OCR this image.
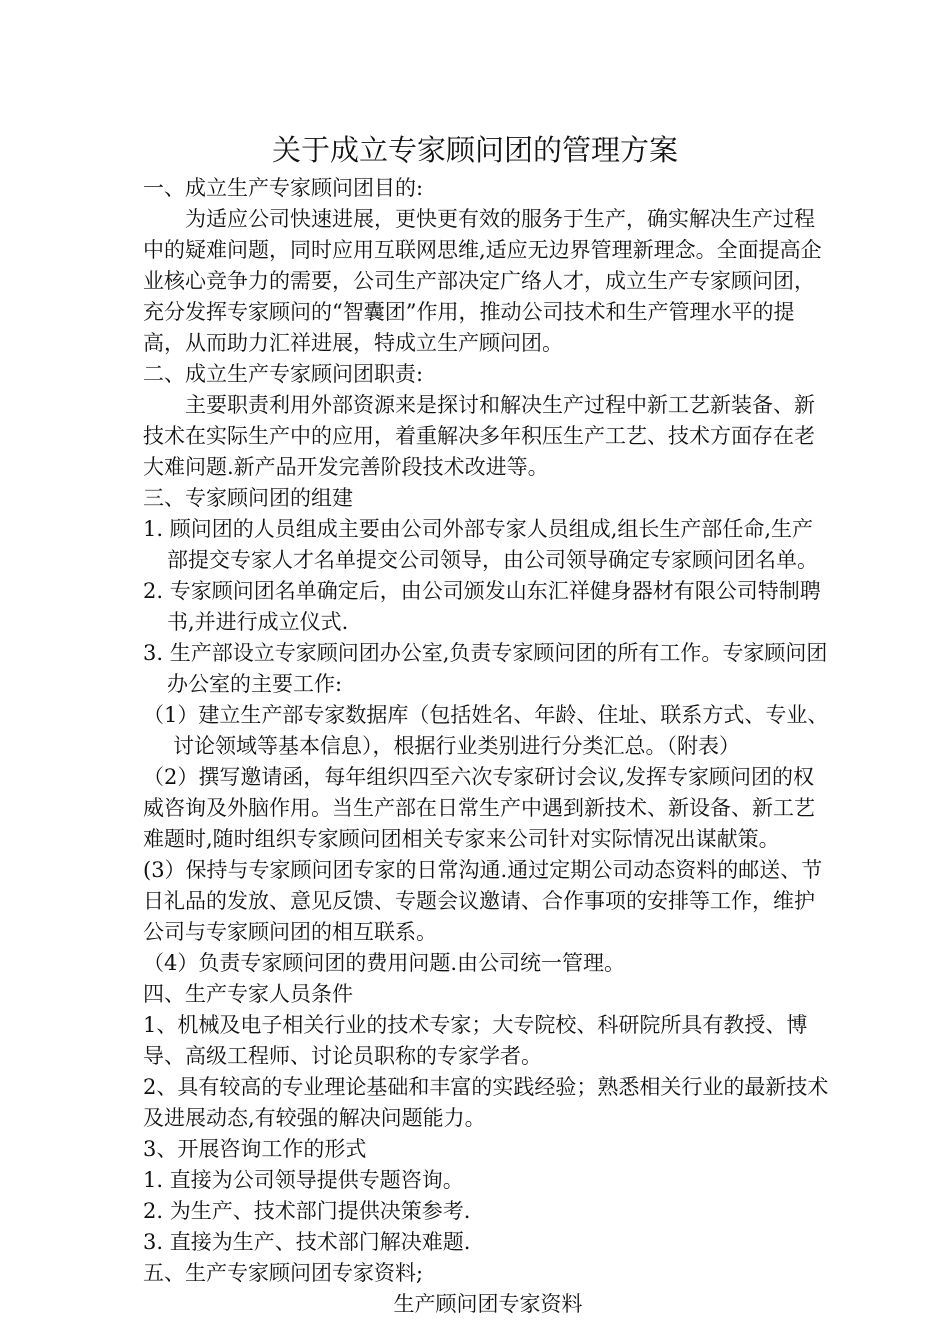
关于成立专家顾问团的管理方案

一、成立生产专家顾问团目的:

为适应公司快速进展，更快更有效的服务于生产，确实解决生产过程中的疑难问题，同时应用互联网思维,适应无边界管理新理念。全面提高企业核心竞争力的需要，公司生产部决定广络人才，成立生产专家顾问团，充分发挥专家顾问的“智囊团”作用，推动公司技术和生产管理水平的提高，从而助力汇祥进展，特成立生产顾问团。

二、成立生产专家顾问团职责:

主要职责利用外部资源来是探讨和解决生产过程中新工艺新装备、新技术在实际生产中的应用，着重解决多年积压生产工艺、技术方面存在老大难问题.新产品开发完善阶段技术改进等。

三、专家顾问团的组建

1. 顾问团的人员组成主要由公司外部专家人员组成,组长生产部任命,生产部提交专家人才名单提交公司领导，由公司领导确定专家顾问团名单。

2. 专家顾问团名单确定后，由公司颁发山东汇祥健身器材有限公司特制聘书,并进行成立仪式.

3. 生产部设立专家顾问团办公室,负责专家顾问团的所有工作。专家顾问团办公室的主要工作:

（1）建立生产部专家数据库（包括姓名、年龄、住址、联系方式、专业、讨论领域等基本信息），根据行业类别进行分类汇总。（附表）

（2）撰写邀请函，每年组织四至六次专家研讨会议,发挥专家顾问团的权威咨询及外脑作用。当生产部在日常生产中遇到新技术、新设备、新工艺难题时,随时组织专家顾问团相关专家来公司针对实际情况出谋献策。

(3）保持与专家顾问团专家的日常沟通.通过定期公司动态资料的邮送、节日礼品的发放、意见反馈、专题会议邀请、合作事项的安排等工作，维护公司与专家顾问团的相互联系。

（4）负责专家顾问团的费用问题.由公司统一管理。

四、生产专家人员条件

1、机械及电子相关行业的技术专家；大专院校、科研院所具有教授、博导、高级工程师、讨论员职称的专家学者。

2、具有较高的专业理论基础和丰富的实践经验；熟悉相关行业的最新技术及进展动态,有较强的解决问题能力。

3、开展咨询工作的形式

1. 直接为公司领导提供专题咨询。

2. 为生产、技术部门提供决策参考.

3. 直接为生产、技术部门解决难题.

五、生产专家顾问团专家资料;

生产顾问团专家资料
